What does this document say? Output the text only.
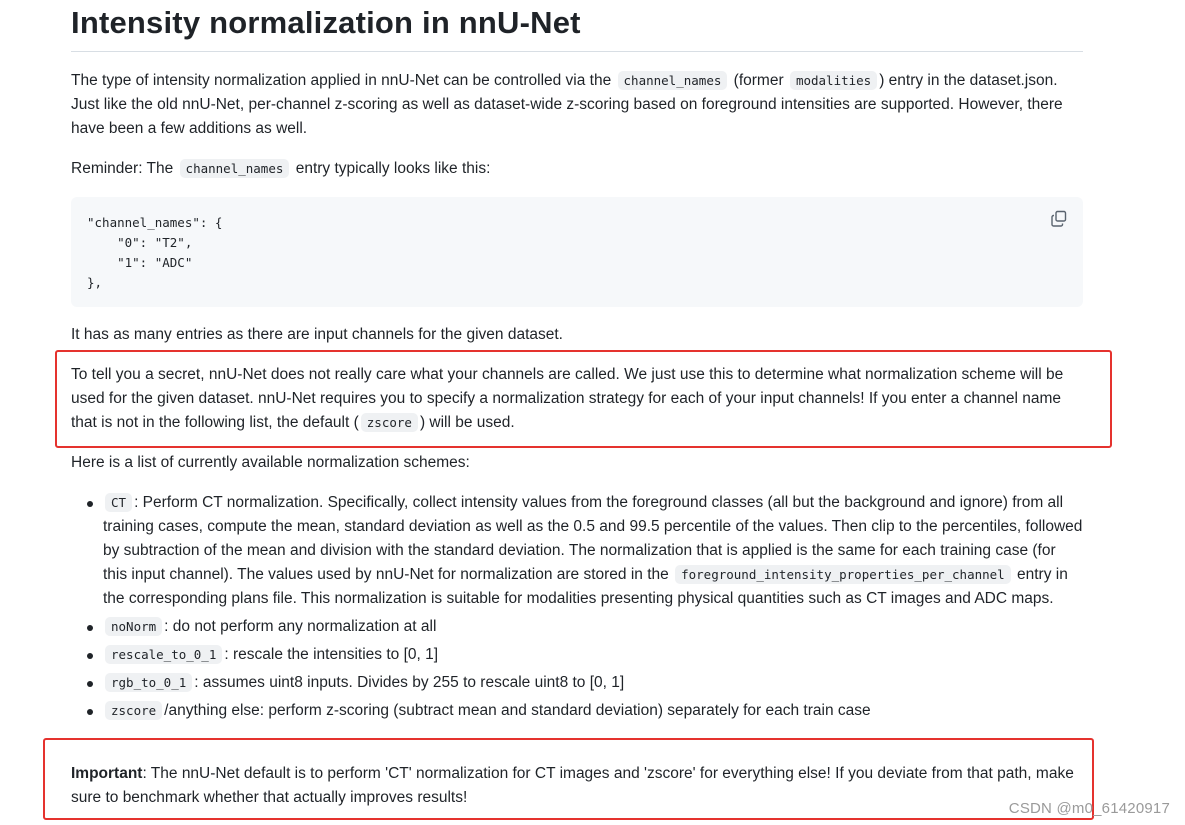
Intensity normalization in nnU-Net

The type of intensity normalization applied in nnU-Net can be controlled via the channel_names (former modalities ) entry in the dataset.json. Just like the old nnU-Net, per-channel z-scoring as well as dataset-wide z-scoring based on foreground intensities are supported. However, there have been a few additions as well.

Reminder: The channel_names entry typically looks like this:

"channel_names": {
"0": "T2",
"1": "ADC"
},

It has as many entries as there are input channels for the given dataset.

To tell you a secret, nnU-Net does not really care what your channels are called. We just use this to determine what normalization scheme will be used for the given dataset. nnU-Net requires you to specify a normalization strategy for each of your input channels! If you enter a channel name that is not in the following list, the default ( zscore ) will be used.

Here is a list of currently available normalization schemes:

CT : Perform CT normalization. Specifically, collect intensity values from the foreground classes (all but the background and ignore) from all training cases, compute the mean, standard deviation as well as the 0.5 and 99.5 percentile of the values. Then clip to the percentiles, followed by subtraction of the mean and division with the standard deviation. The normalization that is applied is the same for each training case (for this input channel). The values used by nnU-Net for normalization are stored in the foreground_intensity_properties_per_channel entry in the corresponding plans file. This normalization is suitable for modalities presenting physical quantities such as CT images and ADC maps.
noNorm : do not perform any normalization at all
rescale_to_0_1 : rescale the intensities to [0, 1]
rgb_to_0_1 : assumes uint8 inputs. Divides by 255 to rescale uint8 to [0, 1]
zscore /anything else: perform z-scoring (subtract mean and standard deviation) separately for each train case

Important: The nnU-Net default is to perform 'CT' normalization for CT images and 'zscore' for everything else! If you deviate from that path, make sure to benchmark whether that actually improves results!

CSDN @m0_61420917
